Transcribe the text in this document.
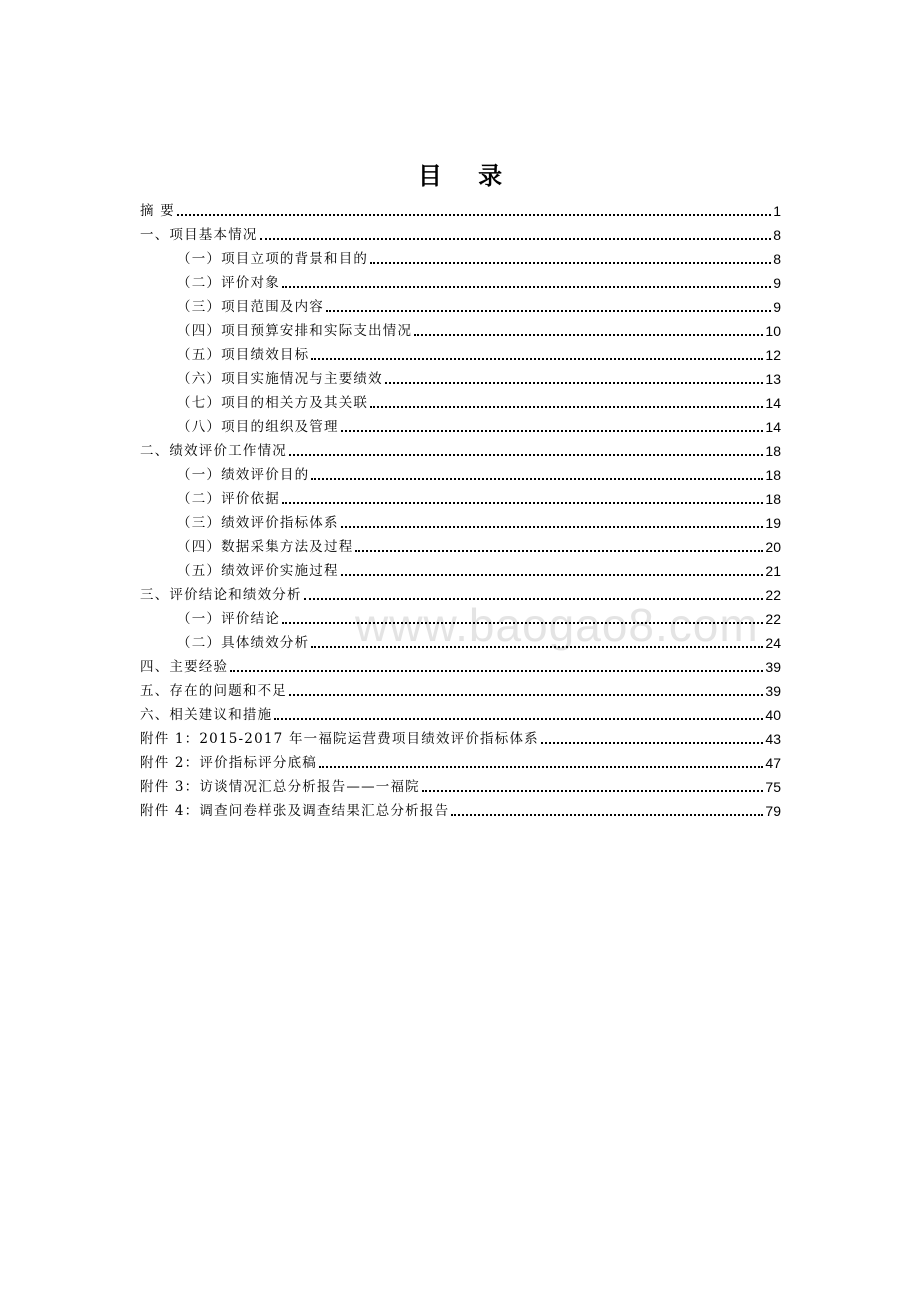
www.baogao8.com
目 录
摘 要	1
一、项目基本情况	8
（一）项目立项的背景和目的	8
（二）评价对象	9
（三）项目范围及内容	9
（四）项目预算安排和实际支出情况	10
（五）项目绩效目标	12
（六）项目实施情况与主要绩效	13
（七）项目的相关方及其关联	14
（八）项目的组织及管理	14
二、绩效评价工作情况	18
（一）绩效评价目的	18
（二）评价依据	18
（三）绩效评价指标体系	19
（四）数据采集方法及过程	20
（五）绩效评价实施过程	21
三、评价结论和绩效分析	22
（一）评价结论	22
（二）具体绩效分析	24
四、主要经验	39
五、存在的问题和不足	39
六、相关建议和措施	40
附件 1：2015-2017 年一福院运营费项目绩效评价指标体系	43
附件 2：评价指标评分底稿	47
附件 3：访谈情况汇总分析报告——一福院	75
附件 4：调查问卷样张及调查结果汇总分析报告	79
